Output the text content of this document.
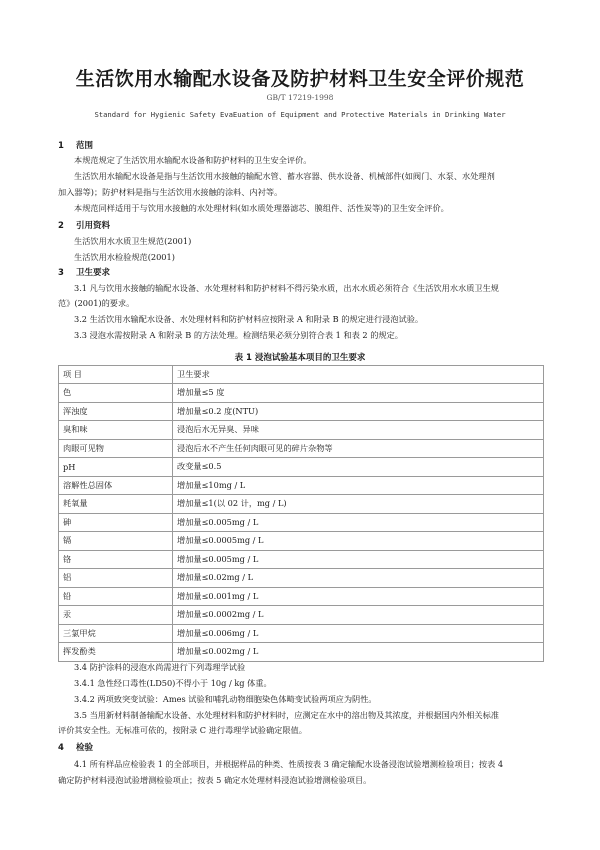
生活饮用水输配水设备及防护材料卫生安全评价规范
GB/T 17219-1998
Standard for Hygienic Safety EvaEuation of Equipment and Protective Materials in Drinking Water
1 范围
本规范规定了生活饮用水输配水设备和防护材料的卫生安全评价。
生活饮用水输配水设备是指与生活饮用水接触的输配水管、蓄水容器、供水设备、机械部件(如阀门、水泵、水处理剂
加入器等)；防护材料是指与生活饮用水接触的涂料、内衬等。
本规范同样适用于与饮用水接触的水处理材料(如水质处理器滤芯、膜组件、活性炭等)的卫生安全评价。
2 引用资料
生活饮用水水质卫生规范(2001)
生活饮用水检验规范(2001)
3 卫生要求
3.1 凡与饮用水接触的输配水设备、水处理材料和防护材料不得污染水质，出水水质必须符合《生活饮用水水质卫生规
范》(2001)的要求。
3.2 生活饮用水输配水设备、水处理材料和防护材料应按附录 A 和附录 B 的规定进行浸泡试验。
3.3 浸泡水需按附录 A 和附录 B 的方法处理。检测结果必须分别符合表 1 和表 2 的规定。
表 1 浸泡试验基本项目的卫生要求
项 目	卫生要求
色	增加量≤5 度
浑浊度	增加量≤0.2 度(NTU)
臭和味	浸泡后水无异臭、异味
肉眼可见物	浸泡后水不产生任何肉眼可见的碎片杂物等
pH	改变量≤0.5
溶解性总固体	增加量≤10mg / L
耗氧量	增加量≤1(以 02 计，mg / L)
砷	增加量≤0.005mg / L
镉	增加量≤0.0005mg / L
铬	增加量≤0.005mg / L
铝	增加量≤0.02mg / L
铅	增加量≤0.001mg / L
汞	增加量≤0.0002mg / L
三氯甲烷	增加量≤0.006mg / L
挥发酚类	增加量≤0.002mg / L
3.4 防护涂料的浸泡水尚需进行下列毒理学试验
3.4.1 急性经口毒性(LD50)不得小于 10g / kg 体重。
3.4.2 两项致突变试验：Ames 试验和哺乳动物细胞染色体畸变试验两项应为阴性。
3.5 当用新材料制备输配水设备、水处理材料和防护材料时，应测定在水中的溶出物及其浓度，并根据国内外相关标准
评价其安全性。无标准可依的，按附录 C 进行毒理学试验确定限值。
4 检验
4.1 所有样品应检验表 1 的全部项目，并根据样品的种类、性质按表 3 确定输配水设备浸泡试验增测检验项目；按表 4
确定防护材料浸泡试验增测检验项止；按表 5 确定水处理材料浸泡试验增测检验项目。
